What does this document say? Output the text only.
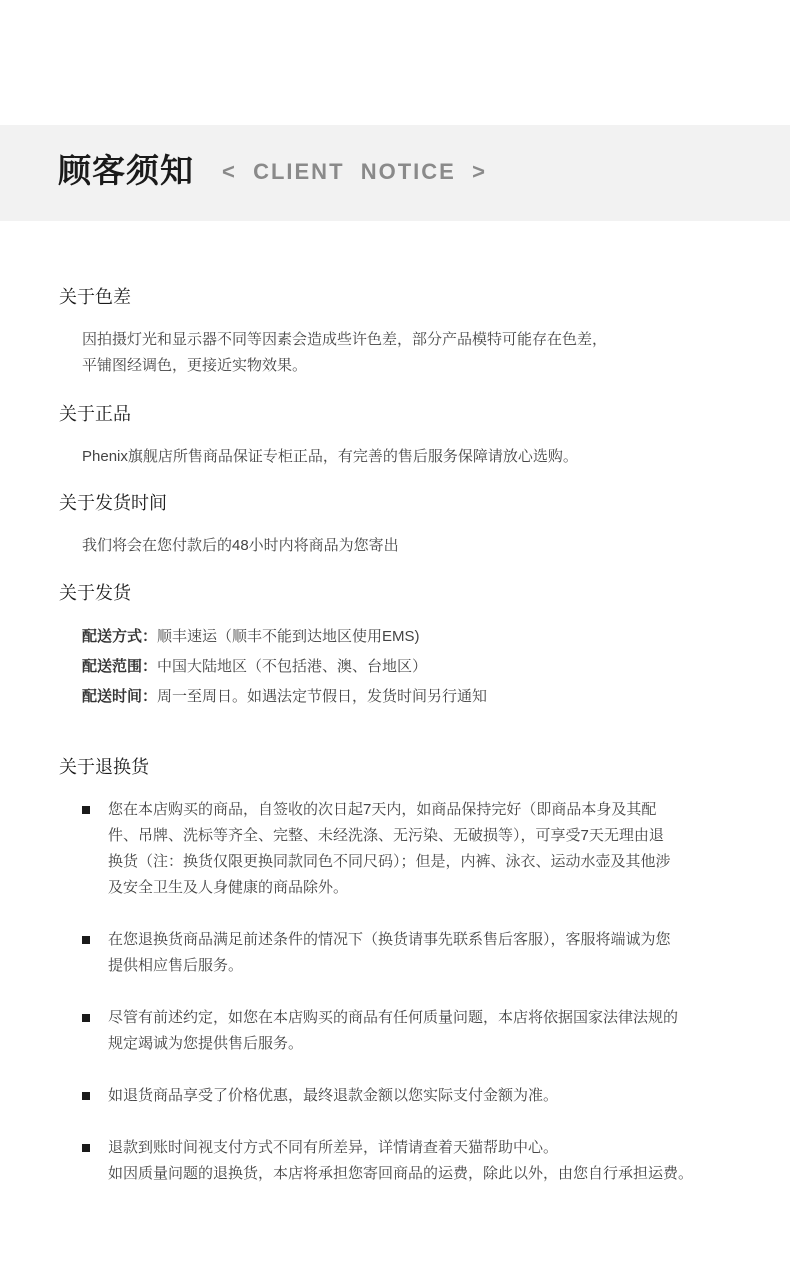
顾客须知 <  CLIENT  NOTICE  >
关于色差

因拍摄灯光和显示器不同等因素会造成些许色差，部分产品模特可能存在色差，

平铺图经调色，更接近实物效果。

关于正品

Phenix旗舰店所售商品保证专柜正品，有完善的售后服务保障请放心选购。

关于发货时间

我们将会在您付款后的48小时内将商品为您寄出

关于发货
配送方式：顺丰速运（顺丰不能到达地区使用EMS)
配送范围：中国大陆地区（不包括港、澳、台地区）
配送时间：周一至周日。如遇法定节假日，发货时间另行通知
关于退换货

您在本店购买的商品，自签收的次日起7天内，如商品保持完好（即商品本身及其配

件、吊牌、洗标等齐全、完整、未经洗涤、无污染、无破损等），可享受7天无理由退

换货（注：换货仅限更换同款同色不同尺码）；但是，内裤、泳衣、运动水壶及其他涉

及安全卫生及人身健康的商品除外。

在您退换货商品满足前述条件的情况下（换货请事先联系售后客服），客服将端诚为您

提供相应售后服务。

尽管有前述约定，如您在本店购买的商品有任何质量问题，本店将依据国家法律法规的

规定竭诚为您提供售后服务。

如退货商品享受了价格优惠，最终退款金额以您实际支付金额为准。

退款到账时间视支付方式不同有所差异，详情请查着天猫帮助中心。

如因质量问题的退换货，本店将承担您寄回商品的运费，除此以外，由您自行承担运费。
